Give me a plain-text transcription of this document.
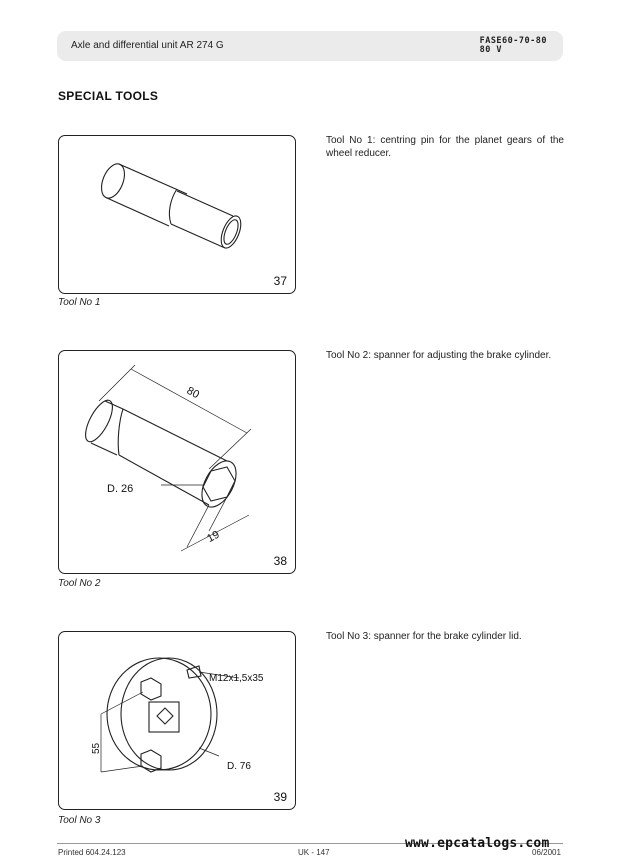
Axle and differential unit AR 274 G	FASE60-70-80
80 V
SPECIAL TOOLS
37
Tool No 1
Tool No 1: centring pin for the planet gears of the wheel reducer.
80
D. 26
19
38
Tool No 2
Tool No 2: spanner for adjusting the brake cylinder.
M12x1,5x35
55
D. 76
39
Tool No 3
Tool No 3: spanner for the brake cylinder lid.
Printed 604.24.123	UK - 147	06/2001
www.epcatalogs.com
